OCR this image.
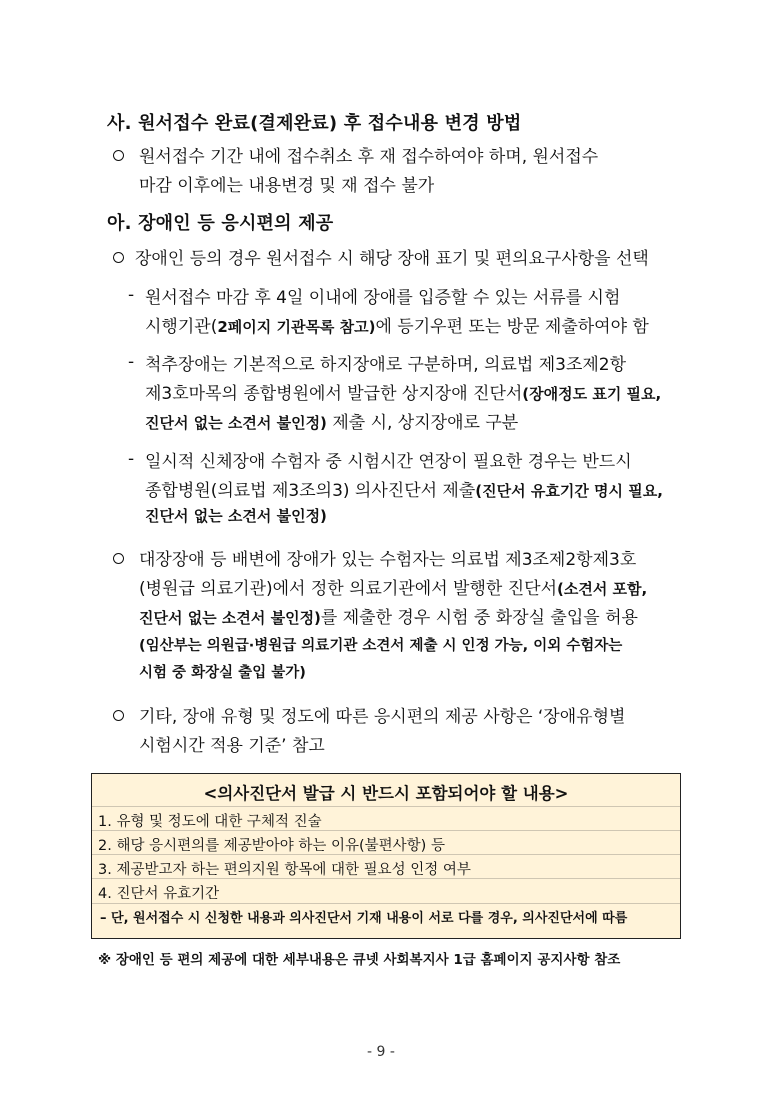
사. 원서접수 완료(결제완료) 후 접수내용 변경 방법
원서접수 기간 내에 접수취소 후 재 접수하여야 하며, 원서접수
마감 이후에는 내용변경 및 재 접수 불가
아. 장애인 등 응시편의 제공
장애인 등의 경우 원서접수 시 해당 장애 표기 및 편의요구사항을 선택
- 원서접수 마감 후 4일 이내에 장애를 입증할 수 있는 서류를 시험
시행기관(2페이지 기관목록 참고)에 등기우편 또는 방문 제출하여야 함
- 척추장애는 기본적으로 하지장애로 구분하며, 의료법 제3조제2항
제3호마목의 종합병원에서 발급한 상지장애 진단서(장애정도 표기 필요,
진단서 없는 소견서 불인정) 제출 시, 상지장애로 구분
- 일시적 신체장애 수험자 중 시험시간 연장이 필요한 경우는 반드시
종합병원(의료법 제3조의3) 의사진단서 제출(진단서 유효기간 명시 필요,
진단서 없는 소견서 불인정)
대장장애 등 배변에 장애가 있는 수험자는 의료법 제3조제2항제3호
(병원급 의료기관)에서 정한 의료기관에서 발행한 진단서(소견서 포함,
진단서 없는 소견서 불인정)를 제출한 경우 시험 중 화장실 출입을 허용
(임산부는 의원급·병원급 의료기관 소견서 제출 시 인정 가능, 이외 수험자는
시험 중 화장실 출입 불가)
기타, 장애 유형 및 정도에 따른 응시편의 제공 사항은 ‘장애유형별
시험시간 적용 기준’ 참고
<의사진단서 발급 시 반드시 포함되어야 할 내용>
1. 유형 및 정도에 대한 구체적 진술
2. 해당 응시편의를 제공받아야 하는 이유(불편사항) 등
3. 제공받고자 하는 편의지원 항목에 대한 필요성 인정 여부
4. 진단서 유효기간
– 단, 원서접수 시 신청한 내용과 의사진단서 기재 내용이 서로 다를 경우, 의사진단서에 따름
※ 장애인 등 편의 제공에 대한 세부내용은 큐넷 사회복지사 1급 홈페이지 공지사항 참조
- 9 -
